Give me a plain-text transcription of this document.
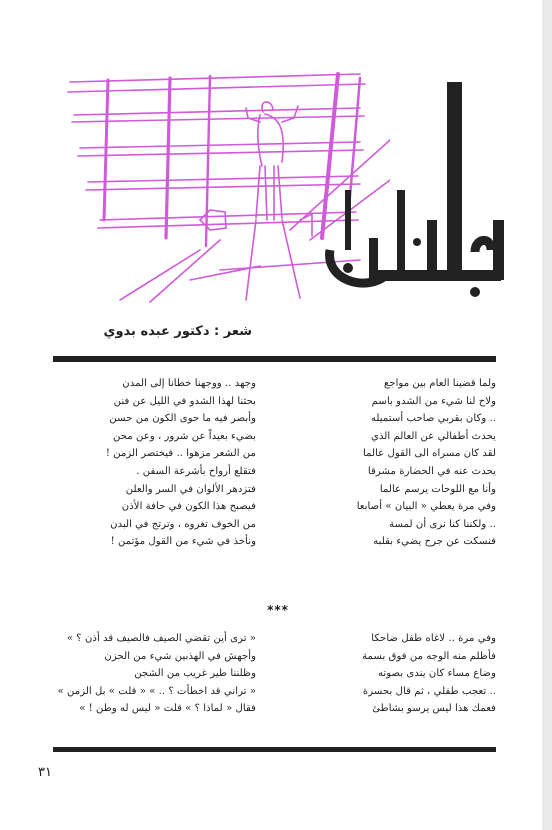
شعر : دكتور عبده بدوي
ولما قضينا العام بين مواجع
ولاح لنا شيء من الشدو باسم
.. وكان بقربي صاحب أستميله
يحدث أطفالي عن العالم الذي
لقد كان مسراه الى القول عالما
يحدث عنه في الحضارة مشرقا
وأنا مع اللوحات يرسم عالما
وفي مرة يعطي « البيان » أصابعا
.. ولكننا كنا نرى أن لمسة
فنسكت عن جرح يضيء بقلبه
وجهد .. ووجهنا خطانا إلى المدن
بحثنا لهذا الشدو في الليل عن فنن
وأبصر فيه ما حوى الكون من حسن
بضيء بعيداً عن شرور ، وعن محن
من الشعر مزهوا .. فيختصر الزمن !
فتقلع أرواح بأشرعة السفن .
فتزدهر الألوان في السر والعلن
فيصبح هذا الكون في حافة الأذن
من الخوف تغروه ، وترتج في البدن
ونأخذ في شيء من القول مؤتمن !
***
وفي مرة .. لاغاه طفل ضاحكا
فأظلم منه الوجه من فوق بسمة
وضاع مساء كان يندى بصوته
.. تعجب طفلي ، ثم قال بحسرة
فعمك هذا ليس يرسو بشاطئ
« ترى أين تقضي الصيف فالصيف قد أذن ؟ »
وأجهش في الهذبين شيء من الحزن
وظلننا طير غريب من الشجن
« تراني قد اخطأت ؟ .. » « قلت » بل الزمن »
فقال « لماذا ؟ » قلت « ليس له وطن ! »
٣١
